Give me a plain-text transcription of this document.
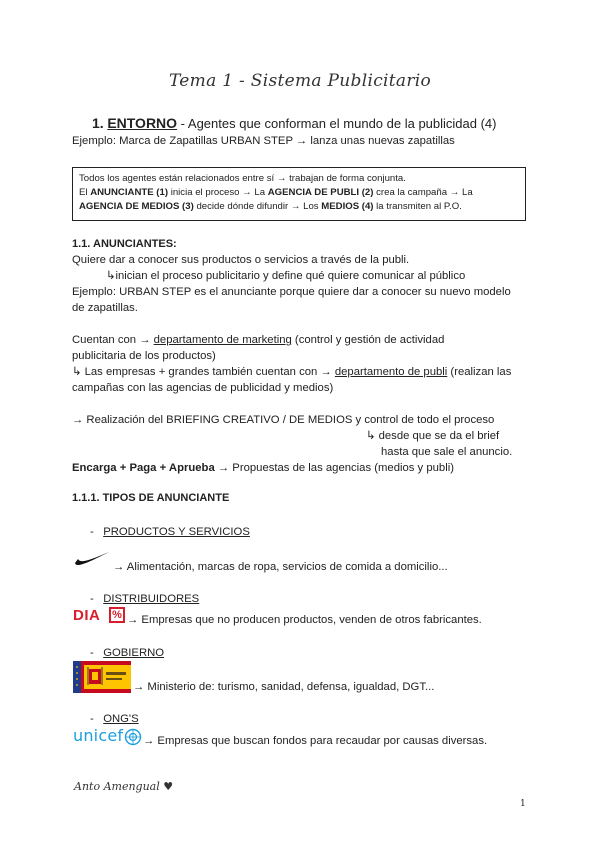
Tema 1 - Sistema Publicitario
1. ENTORNO - Agentes que conforman el mundo de la publicidad (4)
Ejemplo: Marca de Zapatillas URBAN STEP → lanza unas nuevas zapatillas
Todos los agentes están relacionados entre sí → trabajan de forma conjunta.
El ANUNCIANTE (1) inicia el proceso → La AGENCIA DE PUBLI (2) crea la campaña → La
AGENCIA DE MEDIOS (3) decide dónde difundir → Los MEDIOS (4) la transmiten al P.O.
1.1. ANUNCIANTES:
Quiere dar a conocer sus productos o servicios a través de la publi.
↳inician el proceso publicitario y define qué quiere comunicar al público
Ejemplo: URBAN STEP es el anunciante porque quiere dar a conocer su nuevo modelo
de zapatillas.
Cuentan con → departamento de marketing (control y gestión de actividad
publicitaria de los productos)
↳ Las empresas + grandes también cuentan con → departamento de publi (realizan las
campañas con las agencias de publicidad y medios)
→ Realización del BRIEFING CREATIVO / DE MEDIOS y control de todo el proceso
↳ desde que se da el brief
hasta que sale el anuncio.
Encarga + Paga + Aprueba → Propuestas de las agencias (medios y publi)
1.1.1. TIPOS DE ANUNCIANTE
- PRODUCTOS Y SERVICIOS
→ Alimentación, marcas de ropa, servicios de comida a domicilio...
- DISTRIBUIDORES
DIA % → Empresas que no producen productos, venden de otros fabricantes.
- GOBIERNO
→ Ministerio de: turismo, sanidad, defensa, igualdad, DGT...
- ONG'S
unicef → Empresas que buscan fondos para recaudar por causas diversas.
Anto Amengual ♥
1
